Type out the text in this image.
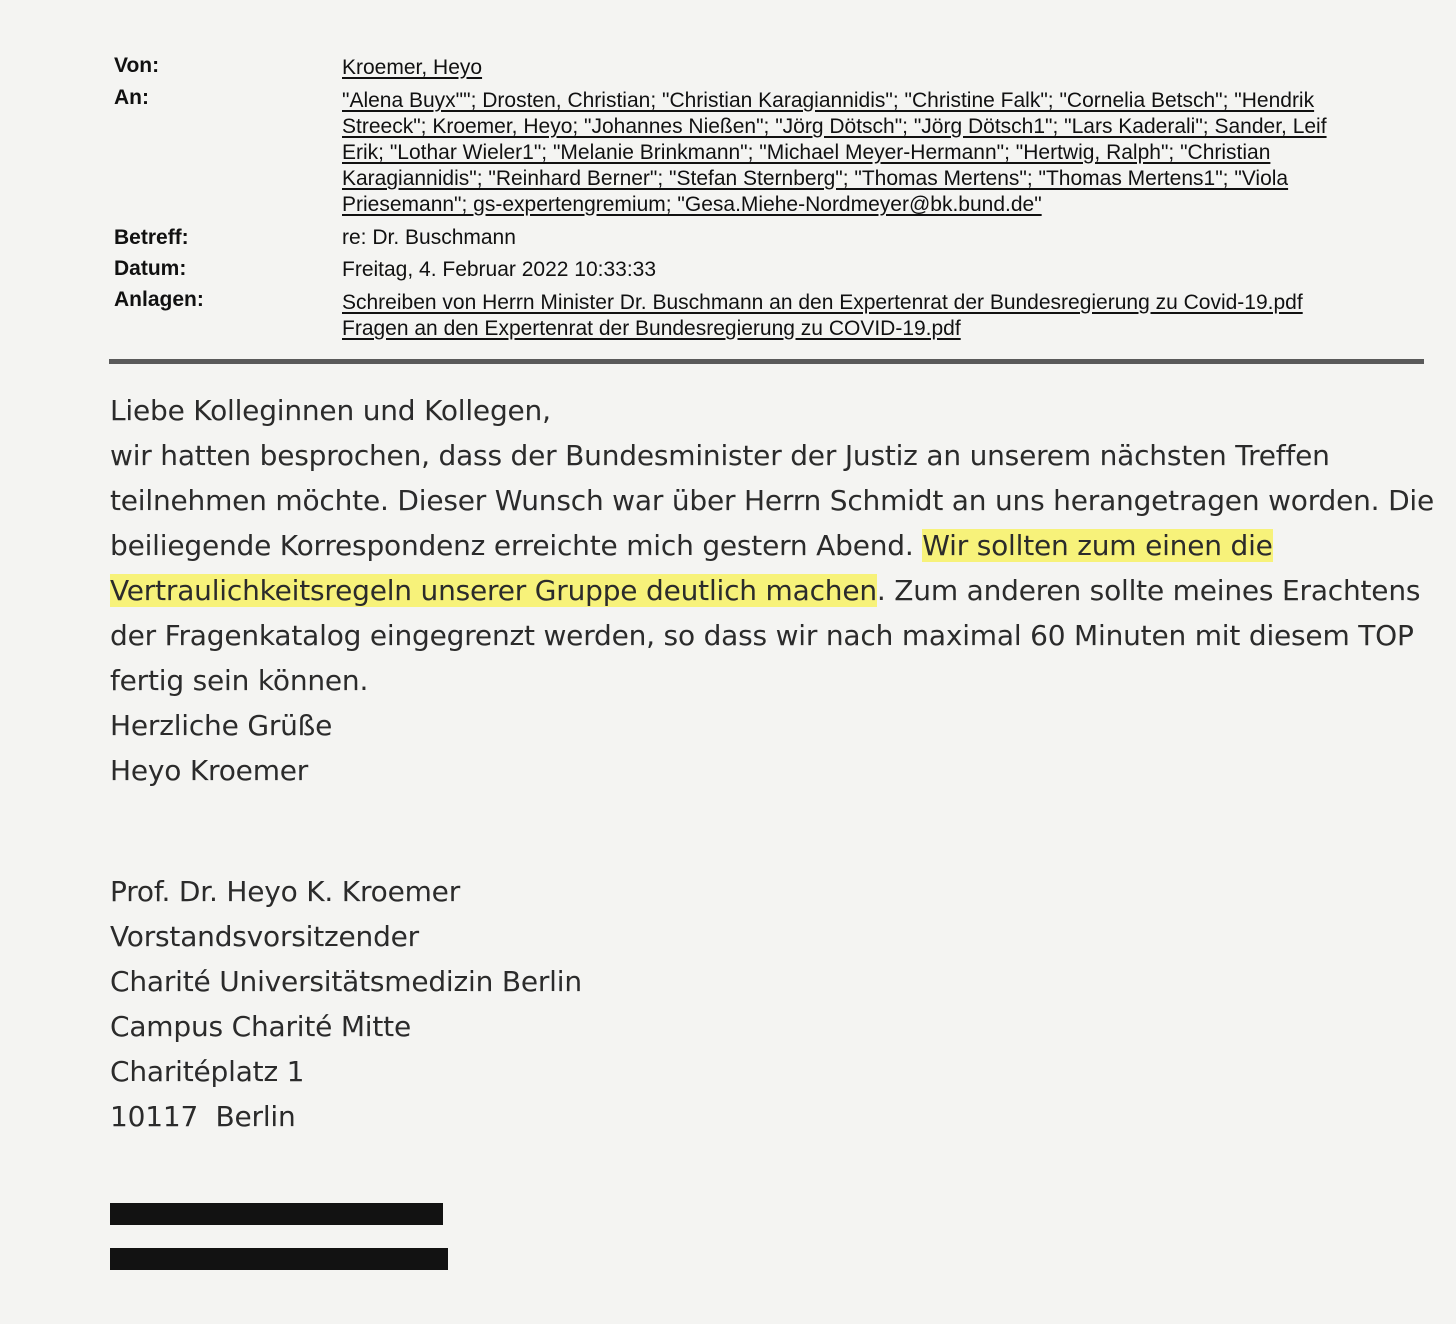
Von:	Kroemer, Heyo
An:	"Alena Buyx""; Drosten, Christian; "Christian Karagiannidis"; "Christine Falk"; "Cornelia Betsch"; "Hendrik
Streeck"; Kroemer, Heyo; "Johannes Nießen"; "Jörg Dötsch"; "Jörg Dötsch1"; "Lars Kaderali"; Sander, Leif
Erik; "Lothar Wieler1"; "Melanie Brinkmann"; "Michael Meyer-Hermann"; "Hertwig, Ralph"; "Christian
Karagiannidis"; "Reinhard Berner"; "Stefan Sternberg"; "Thomas Mertens"; "Thomas Mertens1"; "Viola
Priesemann"; gs-expertengremium; "Gesa.Miehe-Nordmeyer@bk.bund.de"
Betreff:	re: Dr. Buschmann
Datum:	Freitag, 4. Februar 2022 10:33:33
Anlagen:	Schreiben von Herrn Minister Dr. Buschmann an den Expertenrat der Bundesregierung zu Covid-19.pdf
Fragen an den Expertenrat der Bundesregierung zu COVID-19.pdf
Liebe Kolleginnen und Kollegen,
wir hatten besprochen, dass der Bundesminister der Justiz an unserem nächsten Treffen
teilnehmen möchte. Dieser Wunsch war über Herrn Schmidt an uns herangetragen worden. Die
beiliegende Korrespondenz erreichte mich gestern Abend. Wir sollten zum einen die
Vertraulichkeitsregeln unserer Gruppe deutlich machen. Zum anderen sollte meines Erachtens
der Fragenkatalog eingegrenzt werden, so dass wir nach maximal 60 Minuten mit diesem TOP
fertig sein können.
Herzliche Grüße
Heyo Kroemer
Prof. Dr. Heyo K. Kroemer
Vorstandsvorsitzender
Charité Universitätsmedizin Berlin
Campus Charité Mitte
Charitéplatz 1
10117  Berlin
